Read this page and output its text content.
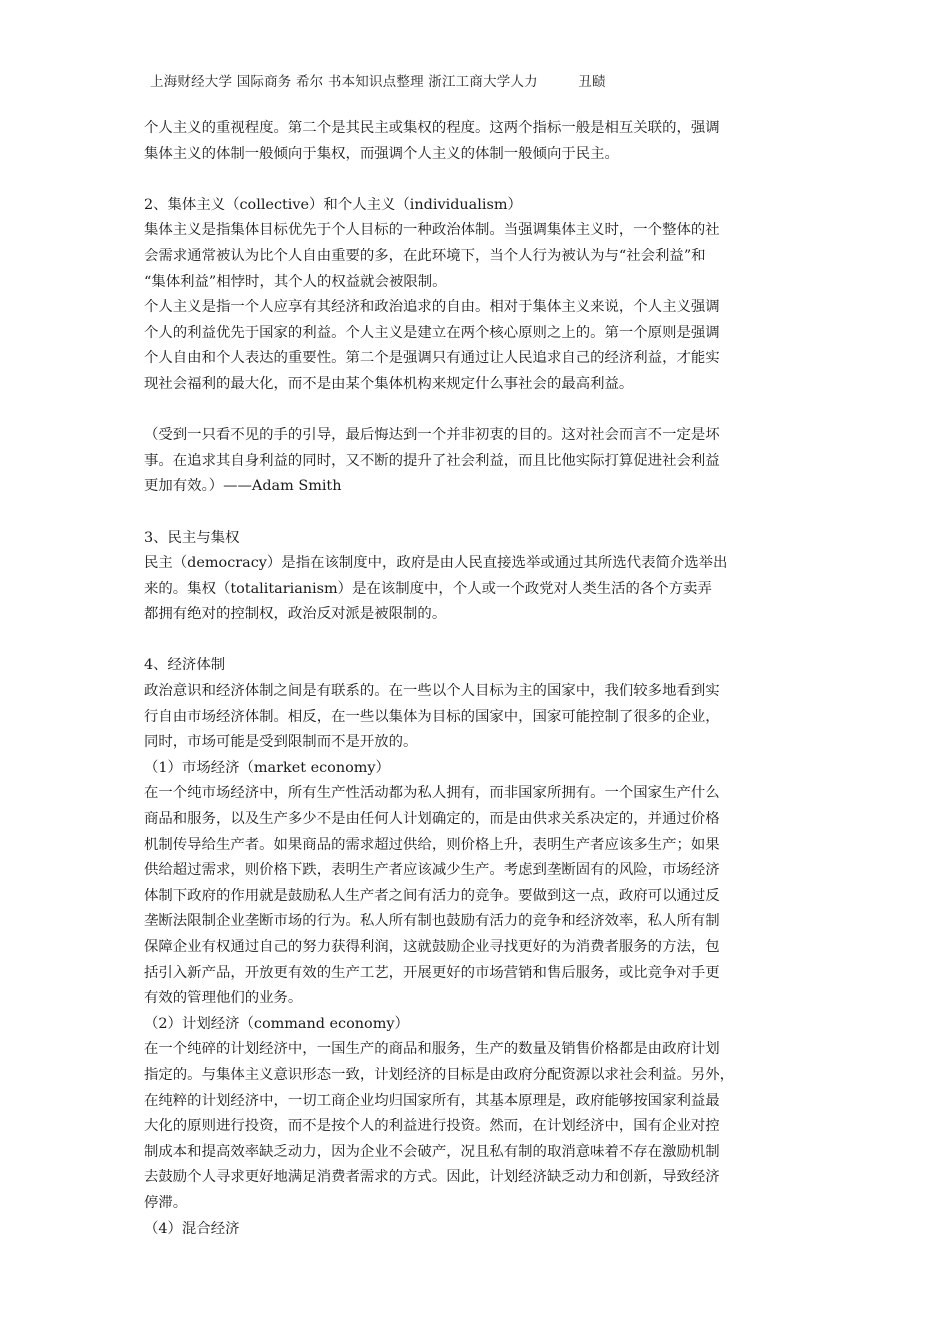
上海财经大学 国际商务 希尔 书本知识点整理 浙江工商大学人力         丑赜
个人主义的重视程度。第二个是其民主或集权的程度。这两个指标一般是相互关联的，强调
集体主义的体制一般倾向于集权，而强调个人主义的体制一般倾向于民主。
2、集体主义（collective）和个人主义（individualism）
集体主义是指集体目标优先于个人目标的一种政治体制。当强调集体主义时，一个整体的社
会需求通常被认为比个人自由重要的多，在此环境下，当个人行为被认为与“社会利益”和
“集体利益”相悖时，其个人的权益就会被限制。
个人主义是指一个人应享有其经济和政治追求的自由。相对于集体主义来说，个人主义强调
个人的利益优先于国家的利益。个人主义是建立在两个核心原则之上的。第一个原则是强调
个人自由和个人表达的重要性。第二个是强调只有通过让人民追求自己的经济利益，才能实
现社会福利的最大化，而不是由某个集体机构来规定什么事社会的最高利益。
（受到一只看不见的手的引导，最后悔达到一个并非初衷的目的。这对社会而言不一定是坏
事。在追求其自身利益的同时，又不断的提升了社会利益，而且比他实际打算促进社会利益
更加有效。）——Adam Smith
3、民主与集权
民主（democracy）是指在该制度中，政府是由人民直接选举或通过其所选代表简介选举出
来的。集权（totalitarianism）是在该制度中，个人或一个政党对人类生活的各个方卖弄
都拥有绝对的控制权，政治反对派是被限制的。
4、经济体制
政治意识和经济体制之间是有联系的。在一些以个人目标为主的国家中，我们较多地看到实
行自由市场经济体制。相反，在一些以集体为目标的国家中，国家可能控制了很多的企业，
同时，市场可能是受到限制而不是开放的。
（1）市场经济（market economy）
在一个纯市场经济中，所有生产性活动都为私人拥有，而非国家所拥有。一个国家生产什么
商品和服务，以及生产多少不是由任何人计划确定的，而是由供求关系决定的，并通过价格
机制传导给生产者。如果商品的需求超过供给，则价格上升，表明生产者应该多生产；如果
供给超过需求，则价格下跌，表明生产者应该减少生产。考虑到垄断固有的风险，市场经济
体制下政府的作用就是鼓励私人生产者之间有活力的竞争。要做到这一点，政府可以通过反
垄断法限制企业垄断市场的行为。私人所有制也鼓励有活力的竞争和经济效率，私人所有制
保障企业有权通过自己的努力获得利润，这就鼓励企业寻找更好的为消费者服务的方法，包
括引入新产品，开放更有效的生产工艺，开展更好的市场营销和售后服务，或比竞争对手更
有效的管理他们的业务。
（2）计划经济（command economy）
在一个纯碎的计划经济中，一国生产的商品和服务，生产的数量及销售价格都是由政府计划
指定的。与集体主义意识形态一致，计划经济的目标是由政府分配资源以求社会利益。另外，
在纯粹的计划经济中，一切工商企业均归国家所有，其基本原理是，政府能够按国家利益最
大化的原则进行投资，而不是按个人的利益进行投资。然而，在计划经济中，国有企业对控
制成本和提高效率缺乏动力，因为企业不会破产，况且私有制的取消意味着不存在激励机制
去鼓励个人寻求更好地满足消费者需求的方式。因此，计划经济缺乏动力和创新，导致经济
停滞。
（4）混合经济
